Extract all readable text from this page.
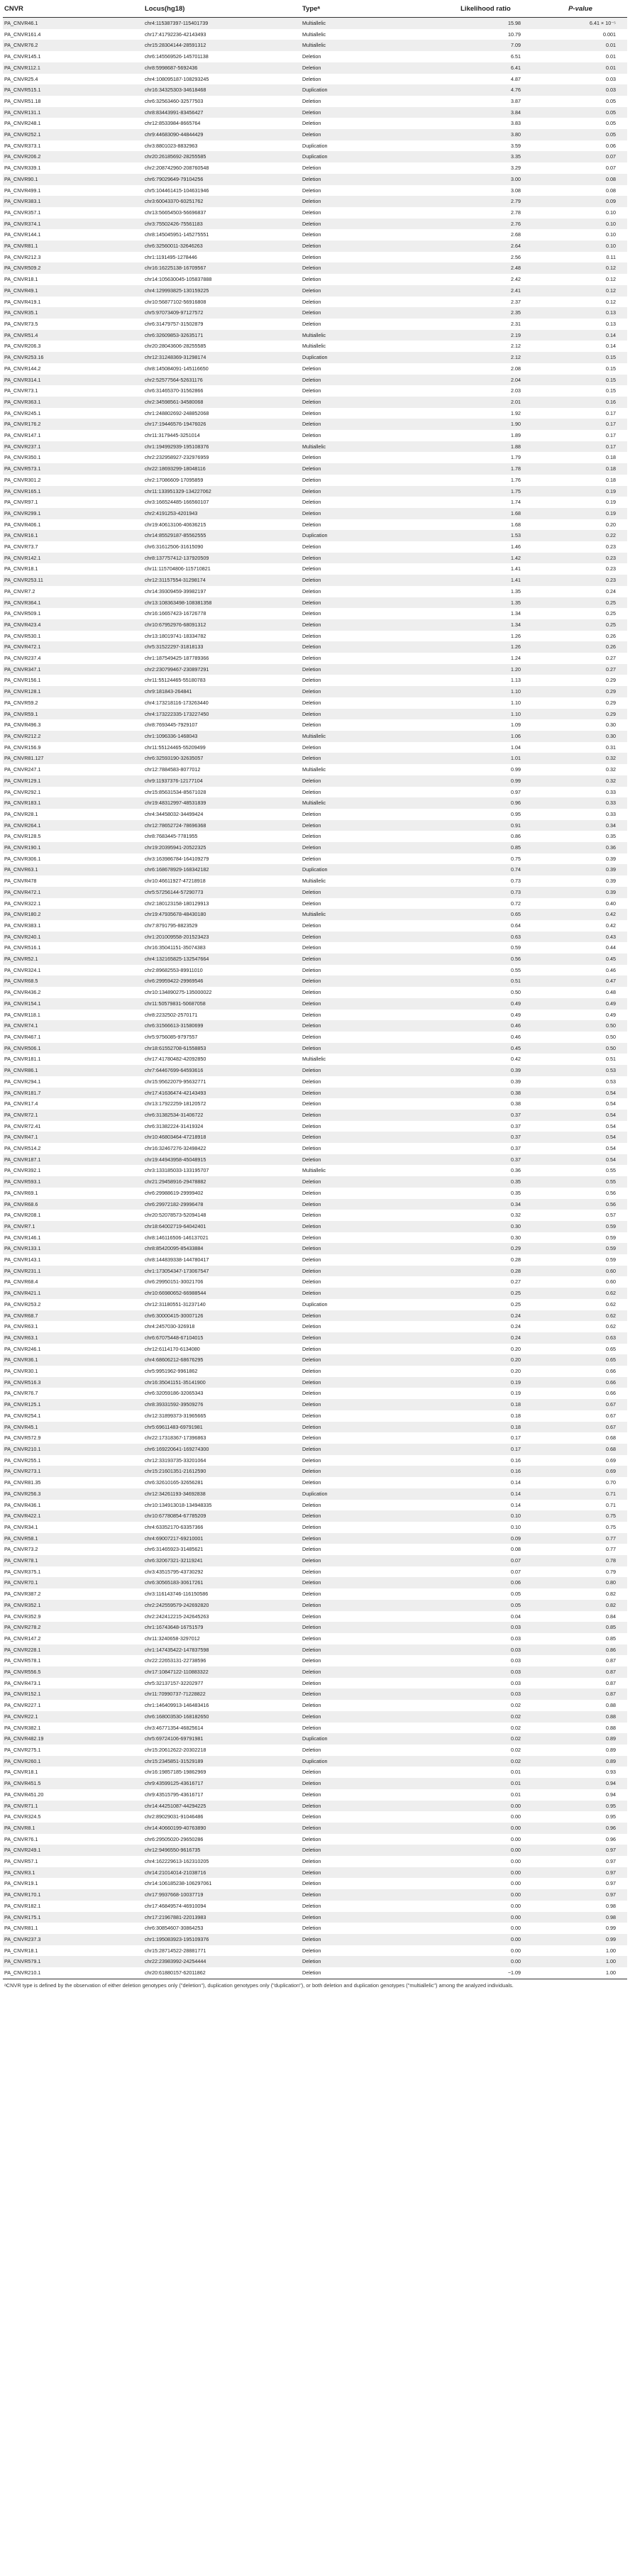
CNVR	Locus(hg18)	Typeᵃ	Likelihood ratio	P-value
PA_CNVR46.1	chr4:115387397-115401739	Multiallelic	15.98	6.41 × 10⁻⁵
PA_CNVR161.4	chr17:41792236-42143493	Multiallelic	10.79	0.001
PA_CNVR76.2	chr15:28304144-28591312	Multiallelic	7.09	0.01
PA_CNVR145.1	chr6:145569526-145701138	Deletion	6.51	0.01
PA_CNVR112.1	chr8:5998687-5692436	Deletion	6.41	0.01
PA_CNVR25.4	chr4:108095187-108293245	Deletion	4.87	0.03
PA_CNVR515.1	chr16:34325303-34618468	Duplication	4.76	0.03
PA_CNVR51.18	chr6:32563460-32577503	Deletion	3.87	0.05
PA_CNVR131.1	chr8:83443991-83456427	Deletion	3.84	0.05
PA_CNVR248.1	chr12:8533984-8665764	Deletion	3.83	0.05
PA_CNVR252.1	chr9:44683090-44844429	Deletion	3.80	0.05
PA_CNVR373.1	chr3:8801023-8832963	Duplication	3.59	0.06
PA_CNVR206.2	chr20:26185692-28255585	Duplication	3.35	0.07
PA_CNVR339.1	chr2:208742960-208760548	Deletion	3.29	0.07
PA_CNVR90.1	chr6:79029649-79104256	Deletion	3.00	0.08
PA_CNVR499.1	chr5:104461415-104631946	Deletion	3.08	0.08
PA_CNVR383.1	chr3:60043370-60251762	Deletion	2.79	0.09
PA_CNVR357.1	chr13:56654503-56696837	Deletion	2.78	0.10
PA_CNVR374.1	chr3:75502426-75561183	Deletion	2.76	0.10
PA_CNVR144.1	chr8:145045951-145275551	Deletion	2.68	0.10
PA_CNVR81.1	chr6:32560011-32646263	Deletion	2.64	0.10
PA_CNVR212.3	chr1:1191495-1278446	Deletion	2.56	0.11
PA_CNVR509.2	chr16:16225138-16709567	Deletion	2.48	0.12
PA_CNVR18.1	chr14:105630045-105837888	Deletion	2.42	0.12
PA_CNVR49.1	chr4:129993825-130159225	Deletion	2.41	0.12
PA_CNVR419.1	chr10:56877102-56916808	Deletion	2.37	0.12
PA_CNVR35.1	chr5:97073409-97127572	Deletion	2.35	0.13
PA_CNVR73.5	chr6:31479757-31502879	Deletion	2.31	0.13
PA_CNVR51.4	chr6:32609853-32635171	Multiallelic	2.19	0.14
PA_CNVR206.3	chr20:28043606-28255585	Multiallelic	2.12	0.14
PA_CNVR253.16	chr12:31248369-31298174	Duplication	2.12	0.15
PA_CNVR144.2	chr8:145084091-145116650	Deletion	2.08	0.15
PA_CNVR314.1	chr2:52577564-52631176	Deletion	2.04	0.15
PA_CNVR73.1	chr6:31465370-31562866	Deletion	2.03	0.15
PA_CNVR363.1	chr2:34598561-34580068	Deletion	2.01	0.16
PA_CNVR245.1	chr1:248802692-248852068	Deletion	1.92	0.17
PA_CNVR176.2	chr17:19446576-19476026	Deletion	1.90	0.17
PA_CNVR147.1	chr11:3179445-3251014	Deletion	1.89	0.17
PA_CNVR237.1	chr1:194992939-195108376	Multiallelic	1.88	0.17
PA_CNVR350.1	chr2:232958927-232976959	Deletion	1.79	0.18
PA_CNVR573.1	chr22:18693299-18048116	Deletion	1.78	0.18
PA_CNVR301.2	chr2:17086609-17095859	Deletion	1.76	0.18
PA_CNVR165.1	chr11:133951329-134227062	Deletion	1.75	0.19
PA_CNVR97.1	chr3:166524485-166560107	Deletion	1.74	0.19
PA_CNVR299.1	chr2:4191253-4201943	Deletion	1.68	0.19
PA_CNVR406.1	chr19:40613106-40636215	Deletion	1.68	0.20
PA_CNVR16.1	chr14:85529187-85562555	Duplication	1.53	0.22
PA_CNVR73.7	chr6:31612506-31615090	Deletion	1.46	0.23
PA_CNVR142.1	chr8:137757412-137920509	Deletion	1.42	0.23
PA_CNVR18.1	chr11:115704806-115710821	Deletion	1.41	0.23
PA_CNVR253.11	chr12:31157554-31298174	Deletion	1.41	0.23
PA_CNVR7.2	chr14:39309459-39982197	Deletion	1.35	0.24
PA_CNVR364.1	chr13:108363498-108381358	Deletion	1.35	0.25
PA_CNVR509.1	chr16:16657423-16726778	Deletion	1.34	0.25
PA_CNVR423.4	chr10:67952976-68091312	Deletion	1.34	0.25
PA_CNVR530.1	chr13:18019741-18334782	Deletion	1.26	0.26
PA_CNVR472.1	chr5:31522297-31818133	Deletion	1.26	0.26
PA_CNVR237.4	chr1:187549425-187789366	Deletion	1.24	0.27
PA_CNVR347.1	chr2:230799467-230897291	Deletion	1.20	0.27
PA_CNVR156.1	chr11:55124465-55180783	Deletion	1.13	0.29
PA_CNVR128.1	chr9:181843-264841	Deletion	1.10	0.29
PA_CNVR59.2	chr4:173218116-173263440	Deletion	1.10	0.29
PA_CNVR59.1	chr4:173222335-173227450	Deletion	1.10	0.29
PA_CNVR496.3	chr8:7693445-7929107	Deletion	1.09	0.30
PA_CNVR212.2	chr1:1096336-1468043	Multiallelic	1.06	0.30
PA_CNVR156.9	chr11:55124465-55209499	Deletion	1.04	0.31
PA_CNVR81.127	chr6:32593190-32635057	Deletion	1.01	0.32
PA_CNVR247.1	chr12:7884583-8077012	Multiallelic	0.99	0.32
PA_CNVR129.1	chr9:11937376-12177104	Deletion	0.99	0.32
PA_CNVR292.1	chr15:85631534-85671028	Deletion	0.97	0.33
PA_CNVR183.1	chr19:48312997-48531839	Multiallelic	0.96	0.33
PA_CNVR28.1	chr4:34458032-34499424	Deletion	0.95	0.33
PA_CNVR264.1	chr12:78652724-78696368	Deletion	0.91	0.34
PA_CNVR128.5	chr8:7683445-7781955	Deletion	0.86	0.35
PA_CNVR190.1	chr19:20395941-20522325	Deletion	0.85	0.36
PA_CNVR306.1	chr3:163986784-164109279	Deletion	0.75	0.39
PA_CNVR63.1	chr6:168678929-168342182	Duplication	0.74	0.39
PA_CNVR478	chr10:46611927-47218918	Multiallelic	0.73	0.39
PA_CNVR472.1	chr5:57256144-57290773	Deletion	0.73	0.39
PA_CNVR322.1	chr2:180123158-180129913	Deletion	0.72	0.40
PA_CNVR180.2	chr19:47935678-48430180	Multiallelic	0.65	0.42
PA_CNVR383.1	chr7:8791795-8823529	Deletion	0.64	0.42
PA_CNVR240.1	chr1:201009558-201523423	Deletion	0.63	0.43
PA_CNVR516.1	chr16:35041151-35074383	Deletion	0.59	0.44
PA_CNVR52.1	chr4:132165825-132547664	Deletion	0.56	0.45
PA_CNVR324.1	chr2:89682553-89911010	Deletion	0.55	0.46
PA_CNVR68.5	chr6:29959422-29969546	Deletion	0.51	0.47
PA_CNVR436.2	chr10:134890275-135000022	Deletion	0.50	0.48
PA_CNVR154.1	chr11:50579831-50687058	Deletion	0.49	0.49
PA_CNVR118.1	chr8:2232502-2570171	Deletion	0.49	0.49
PA_CNVR74.1	chr6:31566613-31580699	Deletion	0.46	0.50
PA_CNVR467.1	chr5:9756085-9797557	Deletion	0.46	0.50
PA_CNVR506.1	chr18:61552708-61558853	Deletion	0.45	0.50
PA_CNVR181.1	chr17:41780482-42092850	Multiallelic	0.42	0.51
PA_CNVR86.1	chr7:64467699-64593616	Deletion	0.39	0.53
PA_CNVR294.1	chr15:95622079-95632771	Deletion	0.39	0.53
PA_CNVR181.7	chr17:41636474-42143493	Deletion	0.38	0.54
PA_CNVR17.4	chr13:17922259-18120572	Deletion	0.38	0.54
PA_CNVR72.1	chr6:31382534-31406722	Deletion	0.37	0.54
PA_CNVR72.41	chr6:31382224-31419324	Deletion	0.37	0.54
PA_CNVR47.1	chr10:46803464-47218918	Deletion	0.37	0.54
PA_CNVR514.2	chr16:32467276-32498422	Deletion	0.37	0.54
PA_CNVR187.1	chr19:44943958-45048915	Deletion	0.37	0.54
PA_CNVR392.1	chr3:133185033-133195707	Multiallelic	0.36	0.55
PA_CNVR593.1	chr21:29458916-29478882	Deletion	0.35	0.55
PA_CNVR69.1	chr6:29988619-29999402	Deletion	0.35	0.56
PA_CNVR68.6	chr6:29972182-29996478	Deletion	0.34	0.56
PA_CNVR208.1	chr20:52078573-52094148	Deletion	0.32	0.57
PA_CNVR7.1	chr18:64002719-64042401	Deletion	0.30	0.59
PA_CNVR146.1	chr8:146116506-146137021	Deletion	0.30	0.59
PA_CNVR133.1	chr8:85420095-85433884	Deletion	0.29	0.59
PA_CNVR143.1	chr8:144839338-144780417	Deletion	0.28	0.59
PA_CNVR231.1	chr1:173054347-173067547	Deletion	0.28	0.60
PA_CNVR68.4	chr6:29950151-30021706	Deletion	0.27	0.60
PA_CNVR421.1	chr10:66980652-66988544	Deletion	0.25	0.62
PA_CNVR253.2	chr12:31180551-31237140	Duplication	0.25	0.62
PA_CNVR68.7	chr6:30000415-30007126	Deletion	0.24	0.62
PA_CNVR63.1	chr4:2457030-326918	Deletion	0.24	0.62
PA_CNVR63.1	chr6:67075448-67104015	Deletion	0.24	0.63
PA_CNVR246.1	chr12:6114170-6134080	Deletion	0.20	0.65
PA_CNVR36.1	chr4:68606212-68676295	Deletion	0.20	0.65
PA_CNVR30.1	chr5:9951962-9961862	Deletion	0.20	0.66
PA_CNVR516.3	chr16:35041151-35141900	Deletion	0.19	0.66
PA_CNVR76.7	chr6:32059186-32065343	Deletion	0.19	0.66
PA_CNVR125.1	chr8:39331592-39509276	Deletion	0.18	0.67
PA_CNVR254.1	chr12:31899373-31965665	Deletion	0.18	0.67
PA_CNVR45.1	chr5:69611483-69791981	Deletion	0.18	0.67
PA_CNVR572.9	chr22:17318367-17396863	Deletion	0.17	0.68
PA_CNVR210.1	chr6:169220641-169274300	Deletion	0.17	0.68
PA_CNVR255.1	chr12:33193735-33201064	Deletion	0.16	0.69
PA_CNVR273.1	chr15:21601351-21612590	Deletion	0.16	0.69
PA_CNVR81.35	chr6:32610165-32656281	Deletion	0.14	0.70
PA_CNVR256.3	chr12:34261193-34692838	Duplication	0.14	0.71
PA_CNVR436.1	chr10:134913018-134948335	Deletion	0.14	0.71
PA_CNVR422.1	chr10:67780854-67785209	Deletion	0.10	0.75
PA_CNVR34.1	chr4:63352170-63357366	Deletion	0.10	0.75
PA_CNVR58.1	chr4:69007217-69210001	Deletion	0.09	0.77
PA_CNVR73.2	chr6:31465923-31485621	Deletion	0.08	0.77
PA_CNVR78.1	chr6:32067321-32119241	Deletion	0.07	0.78
PA_CNVR375.1	chr3:43515795-43730292	Deletion	0.07	0.79
PA_CNVR70.1	chr6:30565183-30617261	Deletion	0.06	0.80
PA_CNVR387.2	chr3:116143746-116150586	Deletion	0.05	0.82
PA_CNVR352.1	chr2:242559579-242692820	Deletion	0.05	0.82
PA_CNVR352.9	chr2:242412215-242645263	Deletion	0.04	0.84
PA_CNVR278.2	chr1:16743648-16751579	Deletion	0.03	0.85
PA_CNVR147.2	chr11:3240658-3297012	Deletion	0.03	0.85
PA_CNVR228.1	chr1:147435422-147837598	Deletion	0.03	0.86
PA_CNVR578.1	chr22:22653131-22738596	Deletion	0.03	0.87
PA_CNVR556.5	chr17:10847122-110883322	Deletion	0.03	0.87
PA_CNVR473.1	chr5:32137157-32202977	Deletion	0.03	0.87
PA_CNVR152.1	chr11:70990737-71228822	Deletion	0.03	0.87
PA_CNVR227.1	chr1:146409913-146483416	Deletion	0.02	0.88
PA_CNVR22.1	chr6:168003530-168182650	Deletion	0.02	0.88
PA_CNVR382.1	chr3:46771354-46825614	Deletion	0.02	0.88
PA_CNVR482.19	chr5:69724106-69791981	Duplication	0.02	0.89
PA_CNVR275.1	chr15:20612622-20302218	Deletion	0.02	0.89
PA_CNVR260.1	chr15:2345851-31529189	Duplication	0.02	0.89
PA_CNVR18.1	chr16:19857185-19862969	Deletion	0.01	0.93
PA_CNVR451.5	chr9:43599125-43616717	Deletion	0.01	0.94
PA_CNVR451.20	chr9:43515795-43616717	Deletion	0.01	0.94
PA_CNVR71.1	chr14:44251087-44294225	Deletion	0.00	0.95
PA_CNVR324.5	chr2:89029031-91046486	Deletion	0.00	0.95
PA_CNVR8.1	chr14:40660199-40763890	Deletion	0.00	0.96
PA_CNVR76.1	chr6:29505020-29650286	Deletion	0.00	0.96
PA_CNVR249.1	chr12:9496550-9616735	Deletion	0.00	0.97
PA_CNVR57.1	chr4:162229613-162310205	Deletion	0.00	0.97
PA_CNVR3.1	chr14:21014014-21038716	Deletion	0.00	0.97
PA_CNVR19.1	chr14:106185238-106297061	Deletion	0.00	0.97
PA_CNVR170.1	chr17:9937668-10037719	Deletion	0.00	0.97
PA_CNVR182.1	chr17:46849574-46910094	Deletion	0.00	0.98
PA_CNVR175.1	chr17:21967881-22013983	Deletion	0.00	0.98
PA_CNVR81.1	chr6:30854607-30864253	Deletion	0.00	0.99
PA_CNVR237.3	chr1:195083923-195109376	Deletion	0.00	0.99
PA_CNVR18.1	chr15:28714522-28881771	Deletion	0.00	1.00
PA_CNVR579.1	chr22:23983992-24254444	Deletion	0.00	1.00
PA_CNVR210.1	chr20:61880157-62011862	Deletion	−1.09	1.00
ᵃCNVR type is defined by the observation of either deletion genotypes only ("deletion"), duplication genotypes only ("duplication"), or both deletion and duplication genotypes ("multiallelic") among the analyzed individuals.
